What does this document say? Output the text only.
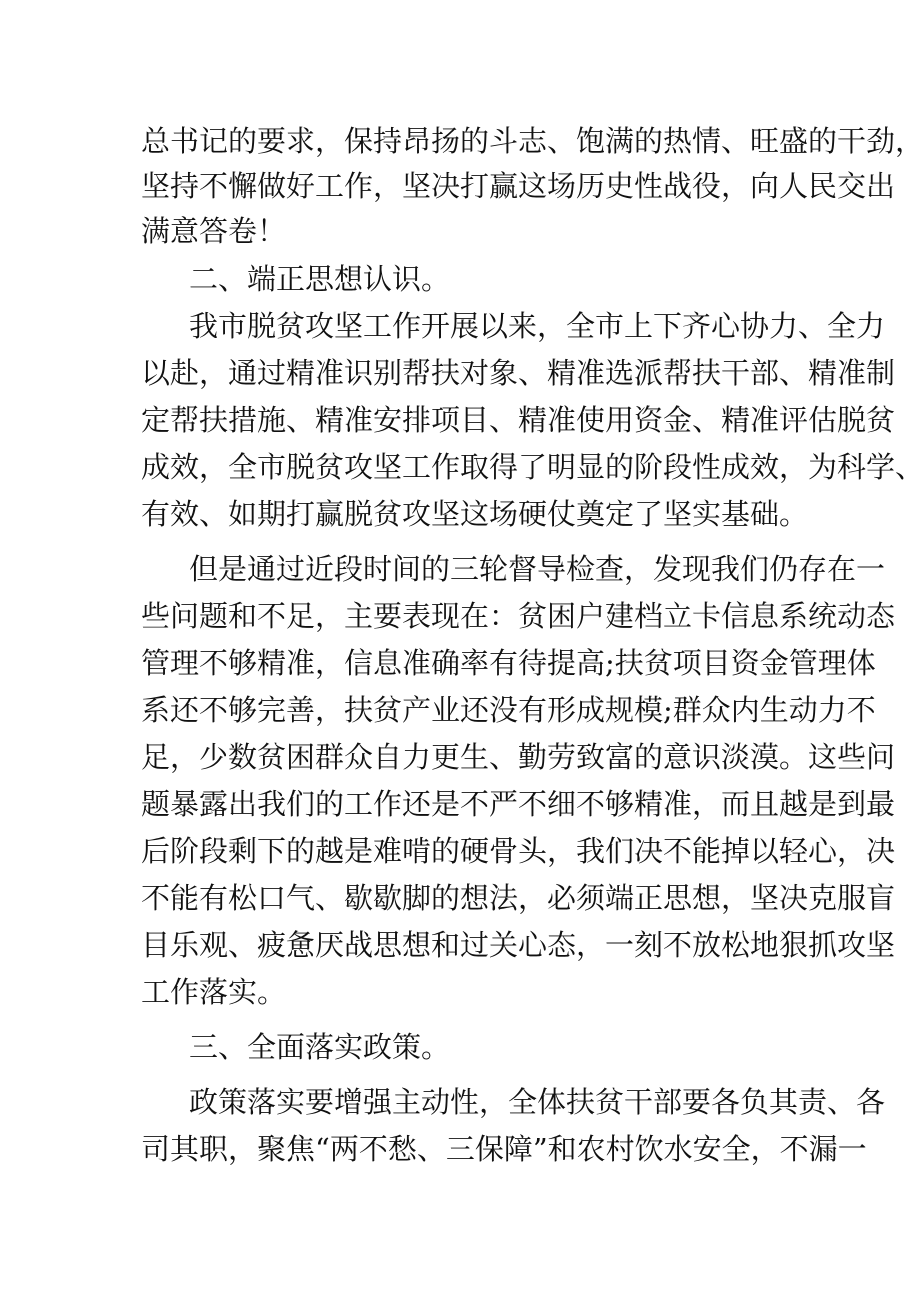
总书记的要求，保持昂扬的斗志、饱满的热情、旺盛的干劲，
坚持不懈做好工作，坚决打赢这场历史性战役，向人民交出
满意答卷！
二、端正思想认识。
我市脱贫攻坚工作开展以来，全市上下齐心协力、全力
以赴，通过精准识别帮扶对象、精准选派帮扶干部、精准制
定帮扶措施、精准安排项目、精准使用资金、精准评估脱贫
成效，全市脱贫攻坚工作取得了明显的阶段性成效，为科学、
有效、如期打赢脱贫攻坚这场硬仗奠定了坚实基础。
但是通过近段时间的三轮督导检查，发现我们仍存在一
些问题和不足，主要表现在：贫困户建档立卡信息系统动态
管理不够精准，信息准确率有待提高;扶贫项目资金管理体
系还不够完善，扶贫产业还没有形成规模;群众内生动力不
足，少数贫困群众自力更生、勤劳致富的意识淡漠。这些问
题暴露出我们的工作还是不严不细不够精准，而且越是到最
后阶段剩下的越是难啃的硬骨头，我们决不能掉以轻心，决
不能有松口气、歇歇脚的想法，必须端正思想，坚决克服盲
目乐观、疲惫厌战思想和过关心态，一刻不放松地狠抓攻坚
工作落实。
三、全面落实政策。
政策落实要增强主动性，全体扶贫干部要各负其责、各
司其职，聚焦“两不愁、三保障”和农村饮水安全，不漏一
